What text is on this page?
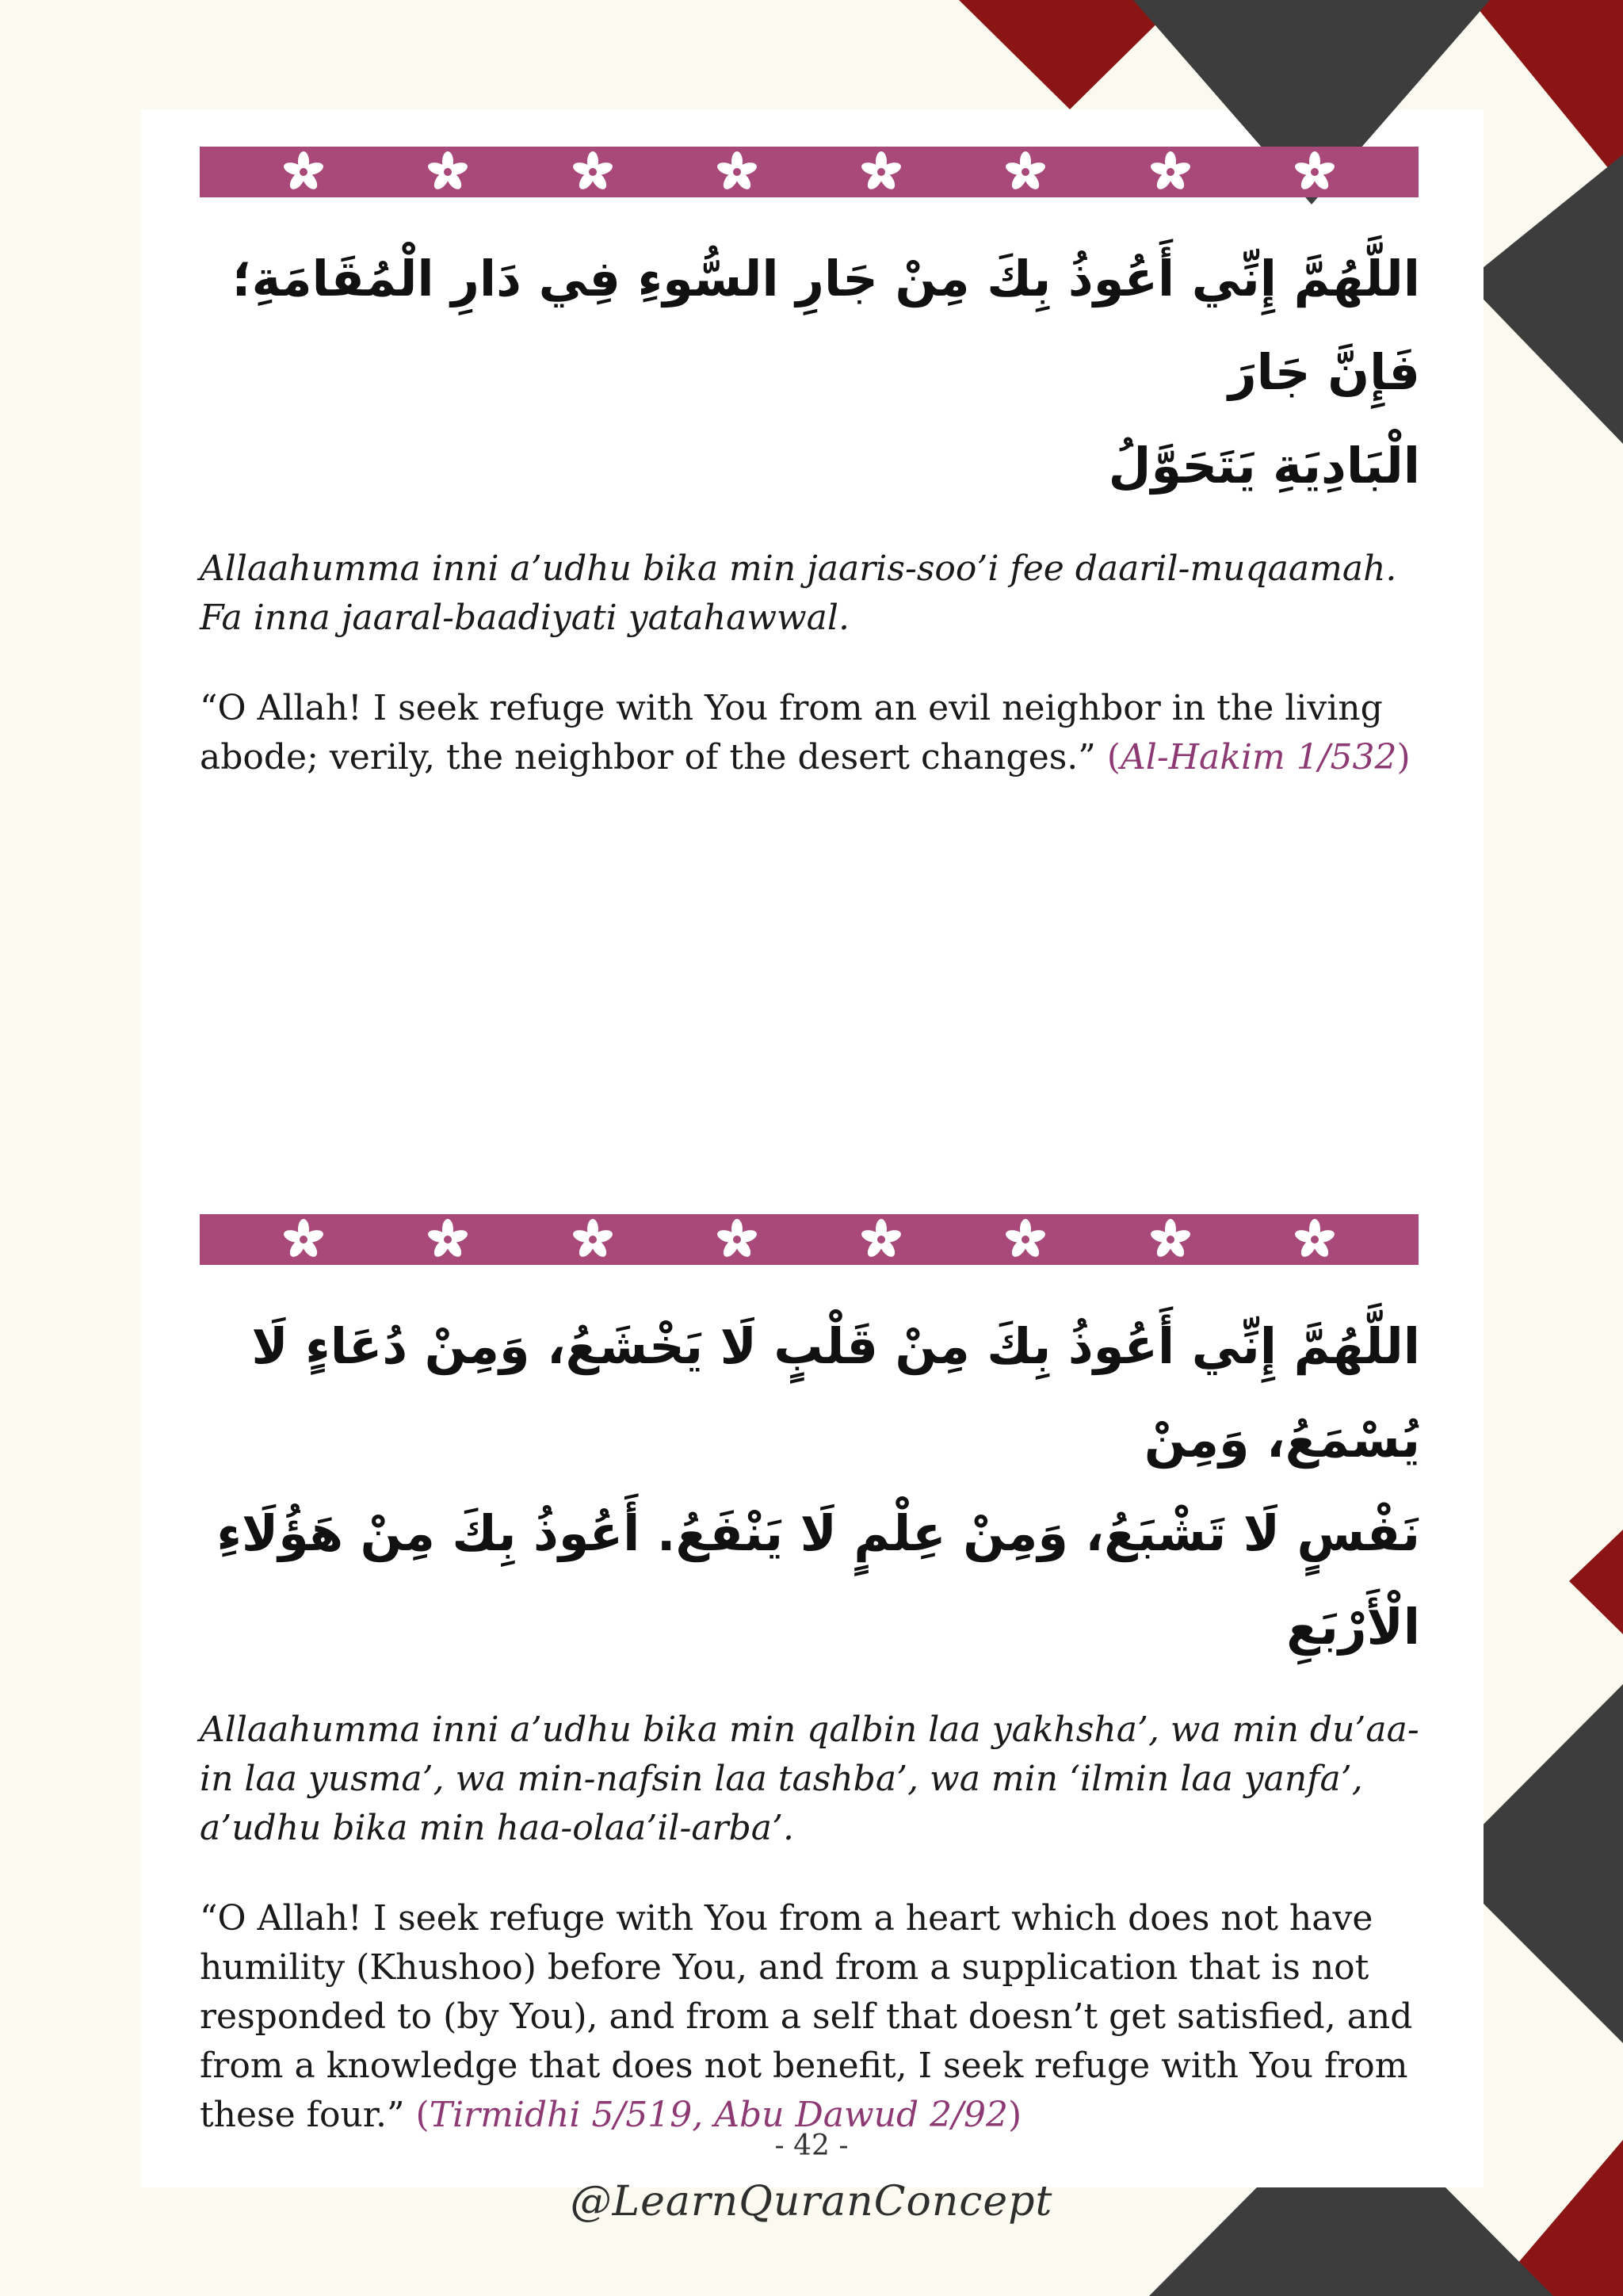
اللَّهُمَّ إِنِّي أَعُوذُ بِكَ مِنْ جَارِ السُّوءِ فِي دَارِ الْمُقَامَةِ؛ فَإِنَّ جَارَ
الْبَادِيَةِ يَتَحَوَّلُ
Allaahumma inni a’udhu bika min jaaris-soo’i fee daaril-muqaamah.
Fa inna jaaral-baadiyati yatahawwal.
“O Allah! I seek refuge with You from an evil neighbor in the living
abode; verily, the neighbor of the desert changes.” (Al-Hakim 1/532)
اللَّهُمَّ إِنِّي أَعُوذُ بِكَ مِنْ قَلْبٍ لَا يَخْشَعُ، وَمِنْ دُعَاءٍ لَا يُسْمَعُ، وَمِنْ
نَفْسٍ لَا تَشْبَعُ، وَمِنْ عِلْمٍ لَا يَنْفَعُ. أَعُوذُ بِكَ مِنْ هَؤُلَاءِ الْأَرْبَعِ
Allaahumma inni a’udhu bika min qalbin laa yakhsha’, wa min du’aa-
in laa yusma’, wa min-nafsin laa tashba’, wa min ‘ilmin laa yanfa’,
a’udhu bika min haa-olaa’il-arba’.
“O Allah! I seek refuge with You from a heart which does not have
humility (Khushoo) before You, and from a supplication that is not
responded to (by You), and from a self that doesn’t get satisfied, and
from a knowledge that does not benefit, I seek refuge with You from
these four.” (Tirmidhi 5/519, Abu Dawud 2/92)
- 42 -
@LearnQuranConcept
